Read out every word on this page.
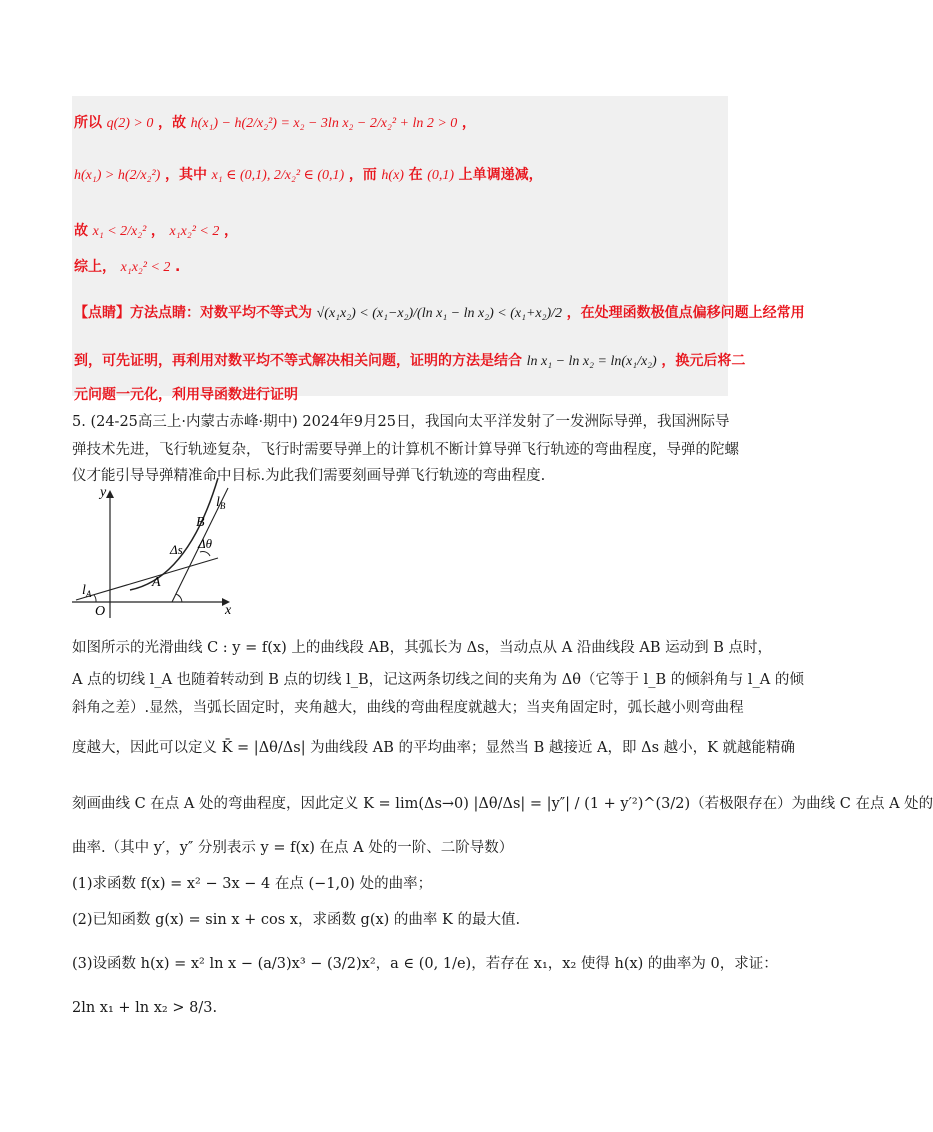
所以 q(2) > 0 ，故 h(x₁) − h(2/x₂²) = x₂ − 3ln x₂ − 2/x₂² + ln 2 > 0 ，
h(x₁) > h(2/x₂²) ，其中 x₁ ∈ (0,1), 2/x₂² ∈ (0,1) ，而 h(x) 在 (0,1) 上单调递减，
故 x₁ < 2/x₂² ， x₁x₂² < 2 ，
综上， x₁x₂² < 2 .
【点睛】方法点睛：对数平均不等式为 √(x₁x₂) < (x₁−x₂)/(ln x₁ − ln x₂) < (x₁+x₂)/2 ，在处理函数极值点偏移问题上经常用
到，可先证明，再利用对数平均不等式解决相关问题，证明的方法是结合 ln x₁ − ln x₂ = ln(x₁/x₂) ，换元后将二
元问题一元化，利用导函数进行证明
5. (24-25高三上·内蒙古赤峰·期中) 2024年9月25日，我国向太平洋发射了一发洲际导弹，我国洲际导
弹技术先进，飞行轨迹复杂，飞行时需要导弹上的计算机不断计算导弹飞行轨迹的弯曲程度，导弹的陀螺
仪才能引导导弹精准命中目标.为此我们需要刻画导弹飞行轨迹的弯曲程度.
y
x
O
A
B
$l_A$
$l_B$
Δs Δθ
如图所示的光滑曲线 C : y = f(x) 上的曲线段 AB，其弧长为 Δs，当动点从 A 沿曲线段 AB 运动到 B 点时，
A 点的切线 l_A 也随着转动到 B 点的切线 l_B，记这两条切线之间的夹角为 Δθ（它等于 l_B 的倾斜角与 l_A 的倾
斜角之差）.显然，当弧长固定时，夹角越大，曲线的弯曲程度就越大；当夹角固定时，弧长越小则弯曲程
度越大，因此可以定义 K̄ = |Δθ/Δs| 为曲线段 AB 的平均曲率；显然当 B 越接近 A，即 Δs 越小，K 就越能精确
刻画曲线 C 在点 A 处的弯曲程度，因此定义 K = lim(Δs→0) |Δθ/Δs| = |y″| / (1 + y′²)^(3/2)（若极限存在）为曲线 C 在点 A 处的
曲率.（其中 y′，y″ 分别表示 y = f(x) 在点 A 处的一阶、二阶导数）
(1)求函数 f(x) = x² − 3x − 4 在点 (−1,0) 处的曲率；
(2)已知函数 g(x) = sin x + cos x，求函数 g(x) 的曲率 K 的最大值.
(3)设函数 h(x) = x² ln x − (a/3)x³ − (3/2)x²，a ∈ (0, 1/e)，若存在 x₁，x₂ 使得 h(x) 的曲率为 0，求证：
2ln x₁ + ln x₂ > 8/3.
